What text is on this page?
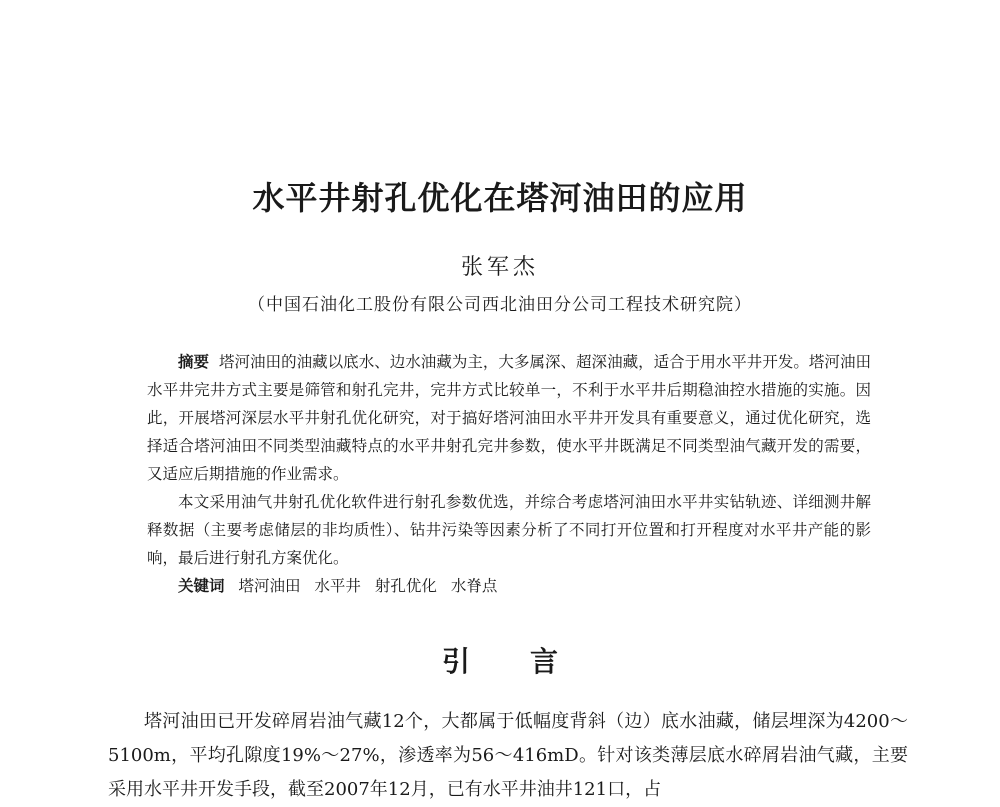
水平井射孔优化在塔河油田的应用
张军杰
（中国石油化工股份有限公司西北油田分公司工程技术研究院）

摘要 塔河油田的油藏以底水、边水油藏为主，大多属深、超深油藏，适合于用水平井开发。塔河油田水平井完井方式主要是筛管和射孔完井，完井方式比较单一，不利于水平井后期稳油控水措施的实施。因此，开展塔河深层水平井射孔优化研究，对于搞好塔河油田水平井开发具有重要意义，通过优化研究，选择适合塔河油田不同类型油藏特点的水平井射孔完井参数，使水平井既满足不同类型油气藏开发的需要，又适应后期措施的作业需求。

本文采用油气井射孔优化软件进行射孔参数优选，并综合考虑塔河油田水平井实钻轨迹、详细测井解释数据（主要考虑储层的非均质性）、钻井污染等因素分析了不同打开位置和打开程度对水平井产能的影响，最后进行射孔方案优化。

关键词 塔河油田 水平井 射孔优化 水脊点

引 言

塔河油田已开发碎屑岩油气藏12个，大都属于低幅度背斜（边）底水油藏，储层埋深为4200～5100m，平均孔隙度19%～27%，渗透率为56～416mD。针对该类薄层底水碎屑岩油气藏，主要采用水平井开发手段，截至2007年12月，已有水平井油井121口，占
